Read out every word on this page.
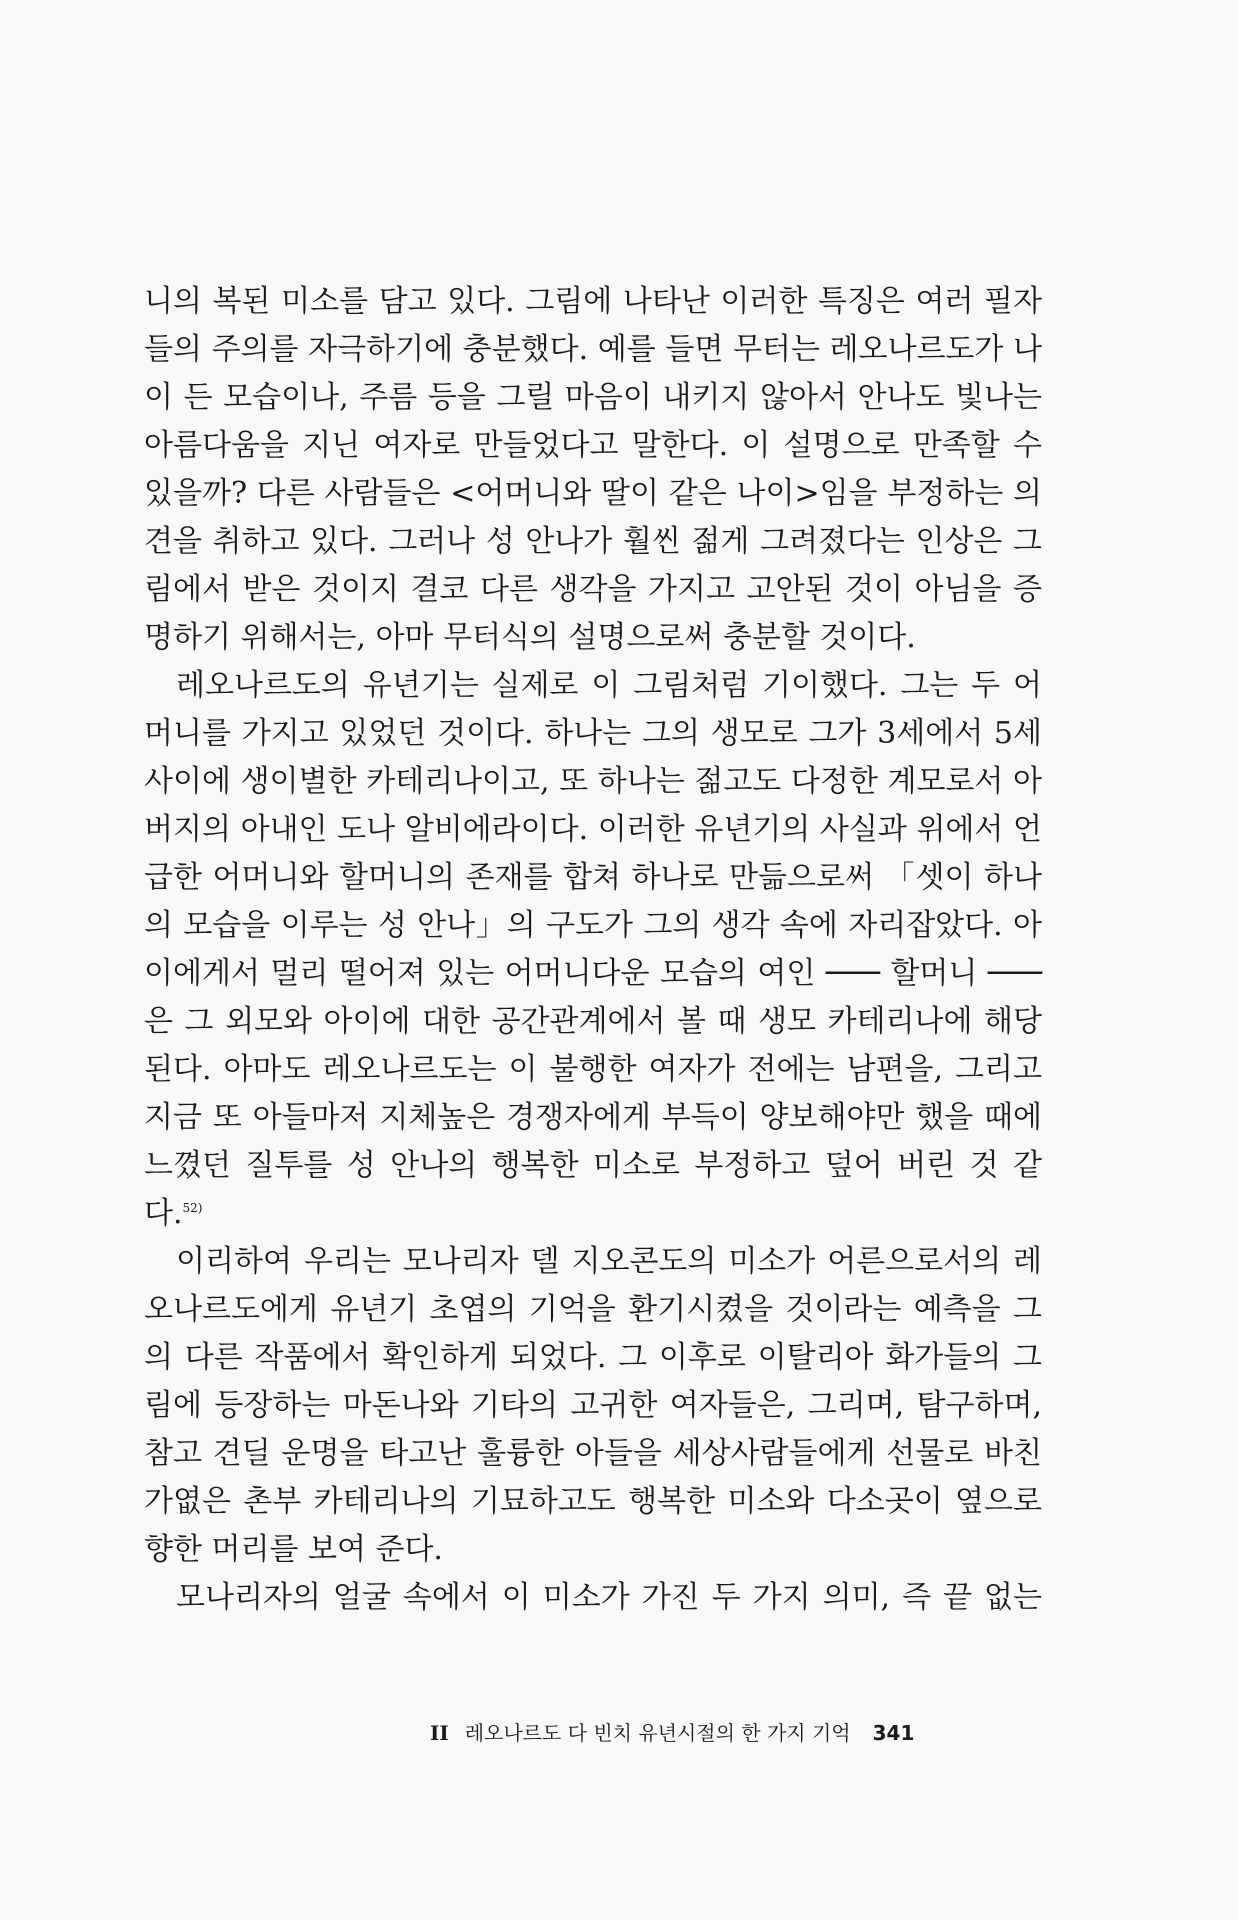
니의 복된 미소를 담고 있다. 그림에 나타난 이러한 특징은 여러 필자들의 주의를 자극하기에 충분했다. 예를 들면 무터는 레오나르도가 나이 든 모습이나, 주름 등을 그릴 마음이 내키지 않아서 안나도 빛나는 아름다움을 지닌 여자로 만들었다고 말한다. 이 설명으로 만족할 수 있을까? 다른 사람들은 <어머니와 딸이 같은 나이>임을 부정하는 의견을 취하고 있다. 그러나 성 안나가 훨씬 젊게 그려졌다는 인상은 그림에서 받은 것이지 결코 다른 생각을 가지고 고안된 것이 아님을 증명하기 위해서는, 아마 무터식의 설명으로써 충분할 것이다.

레오나르도의 유년기는 실제로 이 그림처럼 기이했다. 그는 두 어머니를 가지고 있었던 것이다. 하나는 그의 생모로 그가 3세에서 5세 사이에 생이별한 카테리나이고, 또 하나는 젊고도 다정한 계모로서 아버지의 아내인 도나 알비에라이다. 이러한 유년기의 사실과 위에서 언급한 어머니와 할머니의 존재를 합쳐 하나로 만듦으로써 「셋이 하나의 모습을 이루는 성 안나」의 구도가 그의 생각 속에 자리잡았다. 아이에게서 멀리 떨어져 있는 어머니다운 모습의 여인 ─── 할머니 ─── 은 그 외모와 아이에 대한 공간관계에서 볼 때 생모 카테리나에 해당된다. 아마도 레오나르도는 이 불행한 여자가 전에는 남편을, 그리고 지금 또 아들마저 지체높은 경쟁자에게 부득이 양보해야만 했을 때에 느꼈던 질투를 성 안나의 행복한 미소로 부정하고 덮어 버린 것 같다.$^{52)}$

이리하여 우리는 모나리자 델 지오콘도의 미소가 어른으로서의 레오나르도에게 유년기 초엽의 기억을 환기시켰을 것이라는 예측을 그의 다른 작품에서 확인하게 되었다. 그 이후로 이탈리아 화가들의 그림에 등장하는 마돈나와 기타의 고귀한 여자들은, 그리며, 탐구하며, 참고 견딜 운명을 타고난 훌륭한 아들을 세상사람들에게 선물로 바친 가엾은 촌부 카테리나의 기묘하고도 행복한 미소와 다소곳이 옆으로 향한 머리를 보여 준다.

모나리자의 얼굴 속에서 이 미소가 가진 두 가지 의미, 즉 끝 없는

II 레오나르도 다 빈치 유년시절의 한 가지 기억 341
